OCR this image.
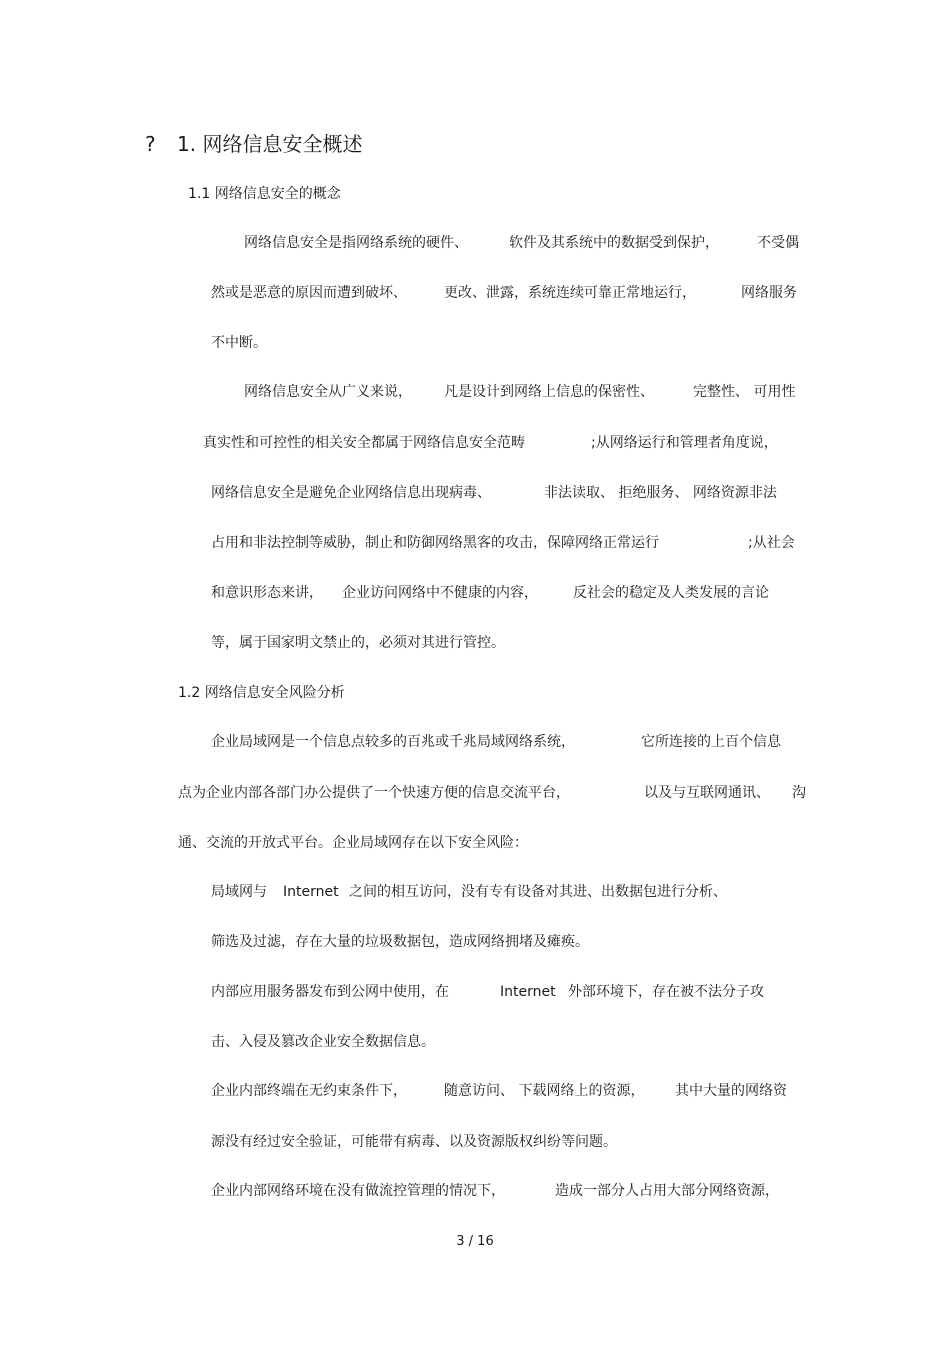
? 1. 网络信息安全概述
1.1 网络信息安全的概念
网络信息安全是指网络系统的硬件、	软件及其系统中的数据受到保护，	不受偶
然或是恶意的原因而遭到破坏、	更改、泄露，系统连续可靠正常地运行，	网络服务
不中断。
网络信息安全从广义来说， 凡是设计到网络上信息的保密性、	完整性、 可用性
真实性和可控性的相关安全都属于网络信息安全范畴	;从网络运行和管理者角度说，
网络信息安全是避免企业网络信息出现病毒、	非法读取、 拒绝服务、 网络资源非法
占用和非法控制等威胁，制止和防御网络黑客的攻击，保障网络正常运行	;从社会
和意识形态来讲， 企业访问网络中不健康的内容，	反社会的稳定及人类发展的言论
等，属于国家明文禁止的，必须对其进行管控。
1.2 网络信息安全风险分析
企业局域网是一个信息点较多的百兆或千兆局域网络系统，	它所连接的上百个信息
点为企业内部各部门办公提供了一个快速方便的信息交流平台，	以及与互联网通讯、 沟
通、交流的开放式平台。企业局域网存在以下安全风险：
局域网与 Internet 之间的相互访问，没有专有设备对其进、出数据包进行分析、
筛选及过滤，存在大量的垃圾数据包，造成网络拥堵及瘫痪。
内部应用服务器发布到公网中使用，在	Internet 外部环境下，存在被不法分子攻
击、入侵及篡改企业安全数据信息。
企业内部终端在无约束条件下，	随意访问、 下载网络上的资源， 其中大量的网络资
源没有经过安全验证，可能带有病毒、以及资源版权纠纷等问题。
企业内部网络环境在没有做流控管理的情况下，	造成一部分人占用大部分网络资源，
3 / 16
